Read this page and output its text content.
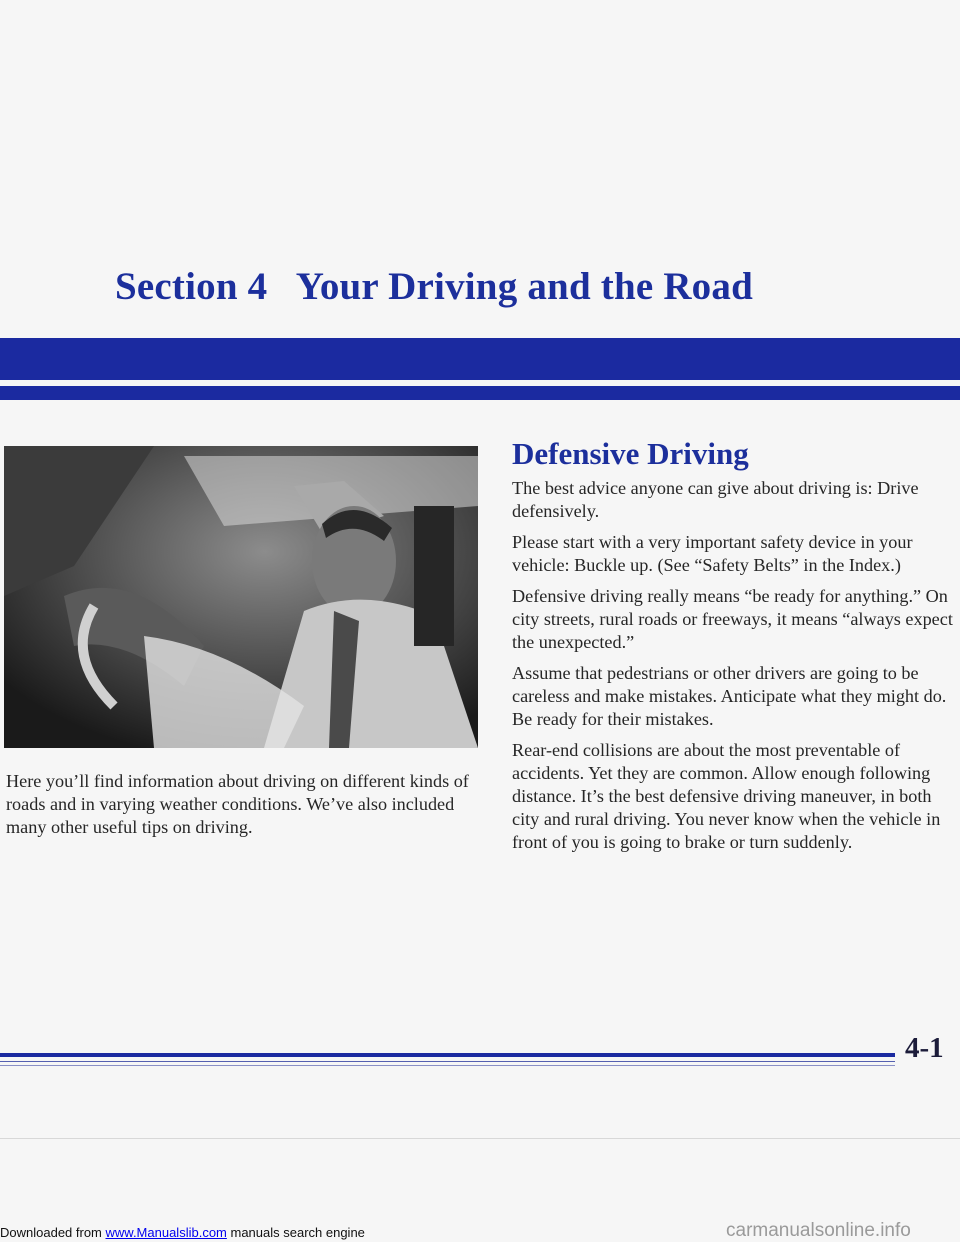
Section 4   Your Driving and the Road

Here you’ll find information about driving on different kinds of roads and in varying weather conditions. We’ve also included many other useful tips on driving.

Defensive Driving

The best advice anyone can give about driving is: Drive defensively.

Please start with a very important safety device in your vehicle: Buckle up. (See “Safety Belts” in the Index.)

Defensive driving really means “be ready for anything.” On city streets, rural roads or freeways, it means “always expect the unexpected.”

Assume that pedestrians or other drivers are going to be careless and make mistakes. Anticipate what they might do. Be ready for their mistakes.

Rear-end collisions are about the most preventable of accidents. Yet they are common. Allow enough following distance. It’s the best defensive driving maneuver, in both city and rural driving. You never know when the vehicle in front of you is going to brake or turn suddenly.

4-1

Downloaded from www.Manualslib.com manuals search engine	carmanualsonline.info
